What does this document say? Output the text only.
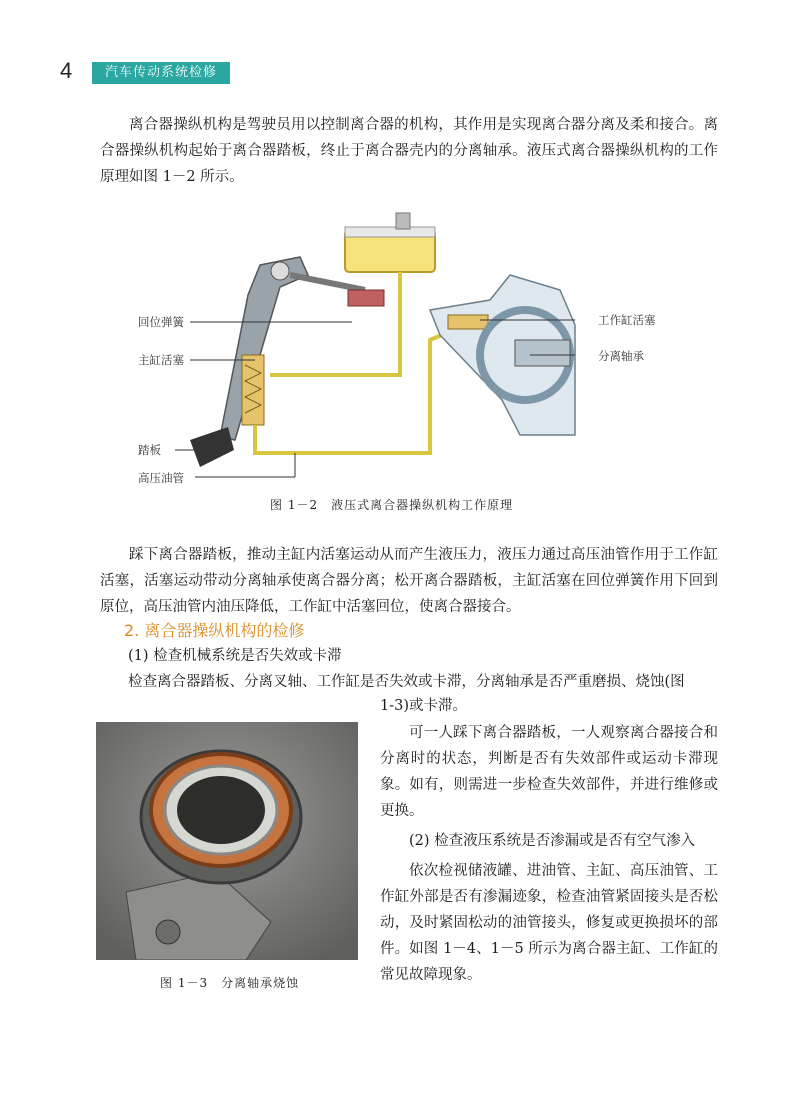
4	汽车传动系统检修
离合器操纵机构是驾驶员用以控制离合器的机构，其作用是实现离合器分离及柔和接合。离合器操纵机构起始于离合器踏板，终止于离合器壳内的分离轴承。液压式离合器操纵机构的工作原理如图 1－2 所示。
回位弹簧
主缸活塞
踏板
高压油管
工作缸活塞
分离轴承
图 1－2　液压式离合器操纵机构工作原理
踩下离合器踏板，推动主缸内活塞运动从而产生液压力，液压力通过高压油管作用于工作缸活塞，活塞运动带动分离轴承使离合器分离；松开离合器踏板，主缸活塞在回位弹簧作用下回到原位，高压油管内油压降低，工作缸中活塞回位，使离合器接合。
2. 离合器操纵机构的检修
(1) 检查机械系统是否失效或卡滞
检查离合器踏板、分离叉轴、工作缸是否失效或卡滞，分离轴承是否严重磨损、烧蚀(图
1-3)或卡滞。
图 1－3　分离轴承烧蚀
可一人踩下离合器踏板，一人观察离合器接合和分离时的状态，判断是否有失效部件或运动卡滞现象。如有，则需进一步检查失效部件，并进行维修或更换。
(2) 检查液压系统是否渗漏或是否有空气渗入
依次检视储液罐、进油管、主缸、高压油管、工作缸外部是否有渗漏迹象，检查油管紧固接头是否松动，及时紧固松动的油管接头，修复或更换损坏的部件。如图 1－4、1－5 所示为离合器主缸、工作缸的常见故障现象。
